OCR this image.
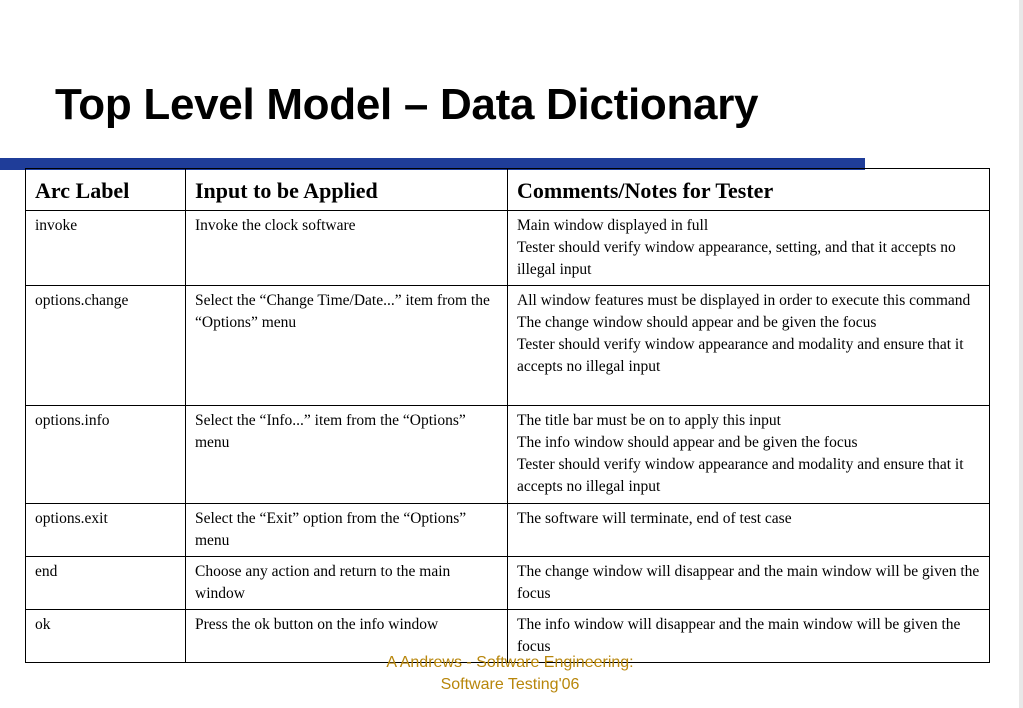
Top Level Model – Data Dictionary
Arc Label	Input to be Applied	Comments/Notes for Tester
invoke	Invoke the clock software	Main window displayed in full
Tester should verify window appearance, setting, and that it accepts no illegal input

options.change	Select the “Change Time/Date...” item from the “Options” menu	All window features must be displayed in order to execute this command
The change window should appear and be given the focus
Tester should verify window appearance and modality and ensure that it accepts no illegal input

options.info	Select the “Info...” item from the “Options” menu	The title bar must be on to apply this input
The info window should appear and be given the focus
Tester should verify window appearance and modality and ensure that it accepts no illegal input

options.exit	Select the “Exit” option from the “Options” menu	The software will terminate, end of test case

end	Choose any action and return to the main window	The change window will disappear and the main window will be given the focus

ok	Press the ok button on the info window	The info window will disappear and the main window will be given the focus
A Andrews - Software Engineering:
Software Testing'06
